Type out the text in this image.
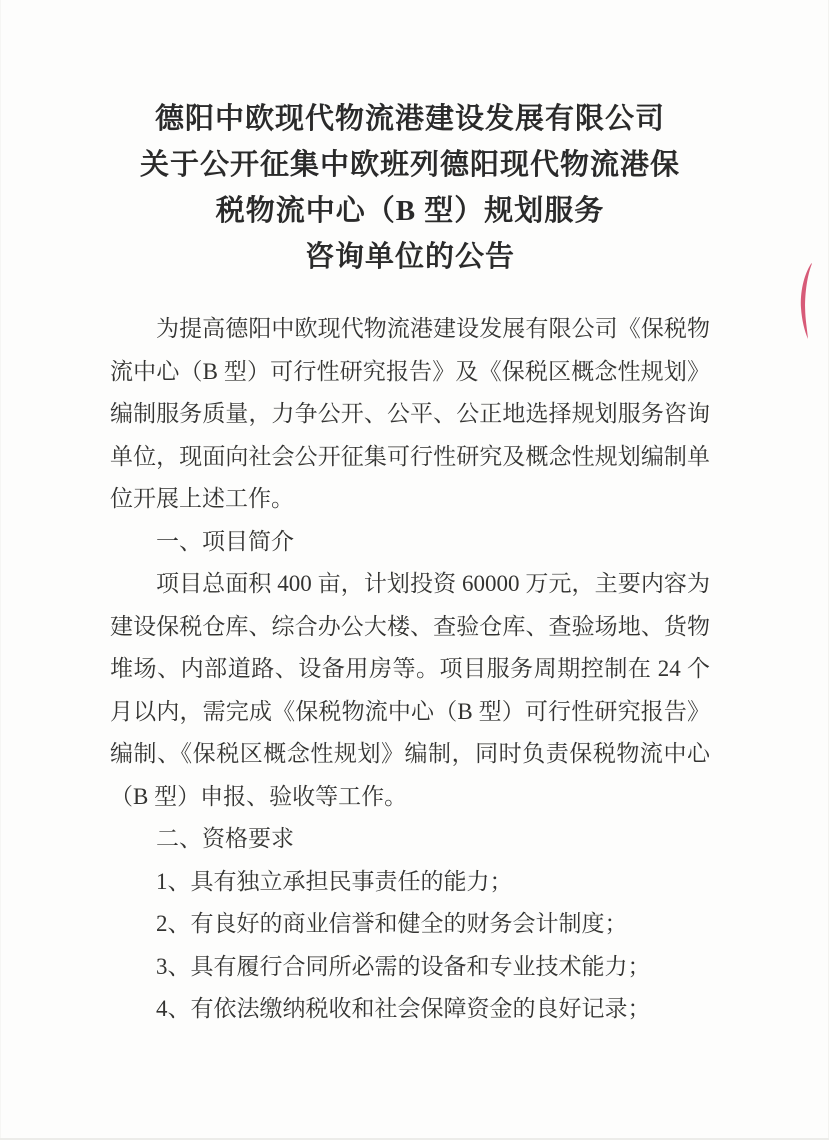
德阳中欧现代物流港建设发展有限公司
关于公开征集中欧班列德阳现代物流港保
税物流中心（B 型）规划服务
咨询单位的公告

为提高德阳中欧现代物流港建设发展有限公司《保税物流中心（B 型）可行性研究报告》及《保税区概念性规划》编制服务质量，力争公开、公平、公正地选择规划服务咨询单位，现面向社会公开征集可行性研究及概念性规划编制单位开展上述工作。

一、项目简介

项目总面积 400 亩，计划投资 60000 万元，主要内容为建设保税仓库、综合办公大楼、查验仓库、查验场地、货物堆场、内部道路、设备用房等。项目服务周期控制在 24 个月以内，需完成《保税物流中心（B 型）可行性研究报告》编制、《保税区概念性规划》编制，同时负责保税物流中心（B 型）申报、验收等工作。

二、资格要求

1、具有独立承担民事责任的能力；

2、有良好的商业信誉和健全的财务会计制度；

3、具有履行合同所必需的设备和专业技术能力；

4、有依法缴纳税收和社会保障资金的良好记录；
